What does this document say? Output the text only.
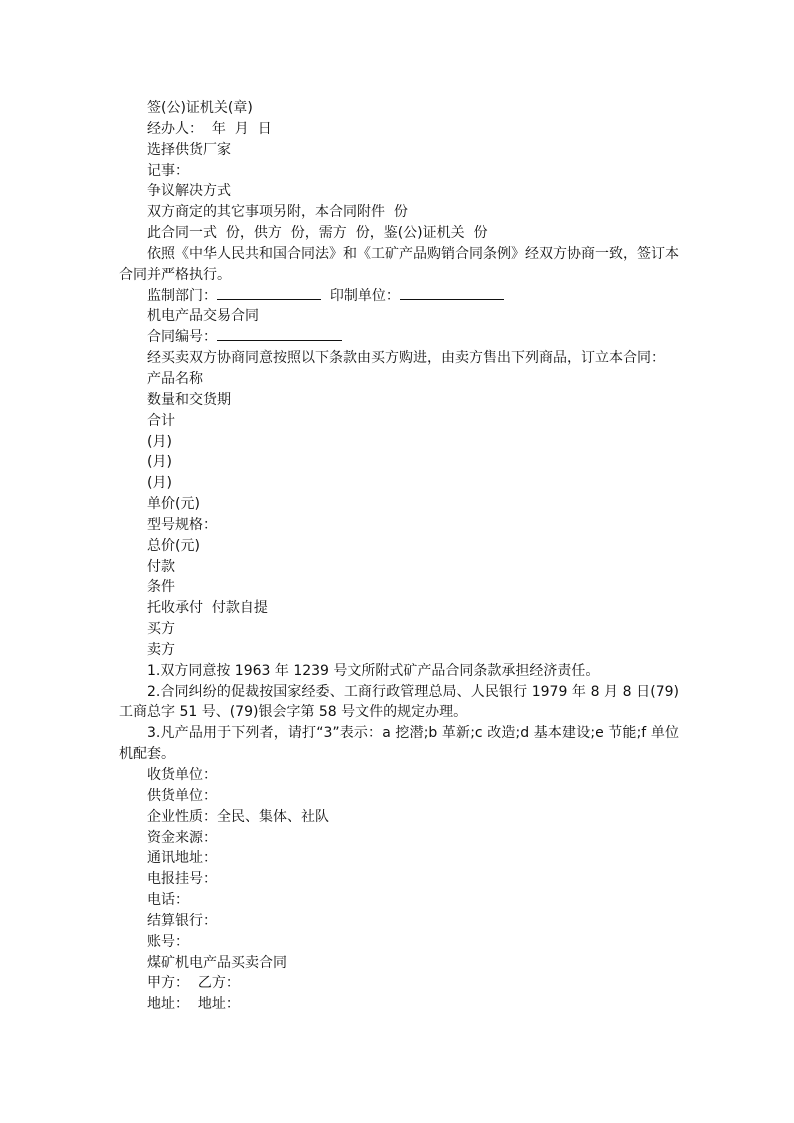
签(公)证机关(章)
经办人：  年  月  日
选择供货厂家
记事：
争议解决方式
双方商定的其它事项另附，本合同附件  份
此合同一式  份，供方  份，需方  份，鉴(公)证机关  份
依照《中华人民共和国合同法》和《工矿产品购销合同条例》经双方协商一致，签订本合同并严格执行。
监制部门：	印制单位：
机电产品交易合同
合同编号：
经买卖双方协商同意按照以下条款由买方购进，由卖方售出下列商品，订立本合同：
产品名称
数量和交货期
合计
(月)
(月)
(月)
单价(元)
型号规格：
总价(元)
付款
条件
托收承付  付款自提
买方
卖方
1.双方同意按 1963 年 1239 号文所附式矿产品合同条款承担经济责任。
2.合同纠纷的促裁按国家经委、工商行政管理总局、人民银行 1979 年 8 月 8 日(79)工商总字 51 号、(79)银会字第 58 号文件的规定办理。
3.凡产品用于下列者，请打“3”表示：a 挖潜;b 革新;c 改造;d 基本建设;e 节能;f 单位机配套。
收货单位：
供货单位：
企业性质：全民、集体、社队
资金来源：
通讯地址：
电报挂号：
电话：
结算银行：
账号：
煤矿机电产品买卖合同
甲方：  乙方：
地址：  地址：
